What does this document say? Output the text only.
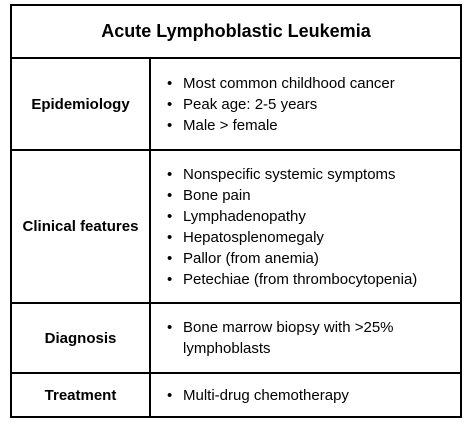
Acute Lymphoblastic Leukemia
Epidemiology
• Most common childhood cancer
• Peak age: 2-5 years
• Male > female
Clinical features
• Nonspecific systemic symptoms
• Bone pain
• Lymphadenopathy
• Hepatosplenomegaly
• Pallor (from anemia)
• Petechiae (from thrombocytopenia)
Diagnosis
• Bone marrow biopsy with >25% lymphoblasts
Treatment	• Multi-drug chemotherapy
